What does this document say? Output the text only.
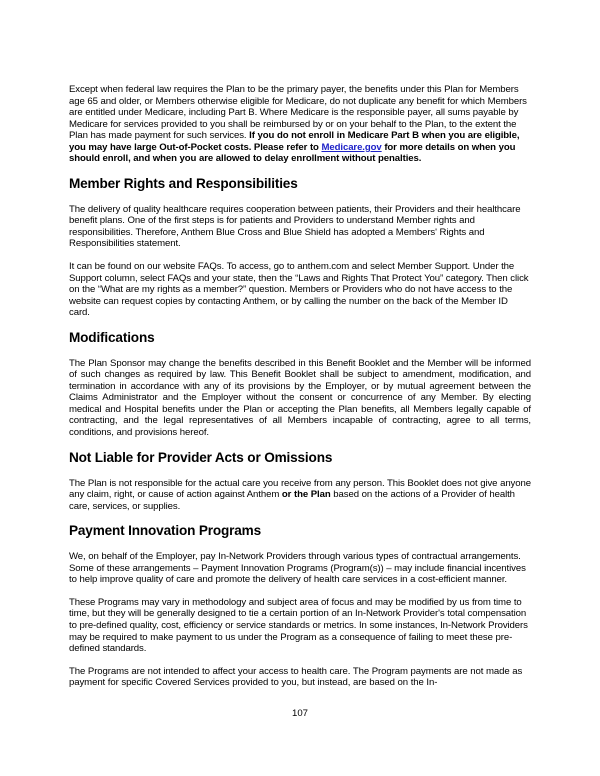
Except when federal law requires the Plan to be the primary payer, the benefits under this Plan for Members age 65 and older, or Members otherwise eligible for Medicare, do not duplicate any benefit for which Members are entitled under Medicare, including Part B. Where Medicare is the responsible payer, all sums payable by Medicare for services provided to you shall be reimbursed by or on your behalf to the Plan, to the extent the Plan has made payment for such services. If you do not enroll in Medicare Part B when you are eligible, you may have large Out-of-Pocket costs. Please refer to Medicare.gov for more details on when you should enroll, and when you are allowed to delay enrollment without penalties.

Member Rights and Responsibilities

The delivery of quality healthcare requires cooperation between patients, their Providers and their healthcare benefit plans. One of the first steps is for patients and Providers to understand Member rights and responsibilities. Therefore, Anthem Blue Cross and Blue Shield has adopted a Members' Rights and Responsibilities statement.

It can be found on our website FAQs. To access, go to anthem.com and select Member Support. Under the Support column, select FAQs and your state, then the “Laws and Rights That Protect You” category. Then click on the “What are my rights as a member?” question. Members or Providers who do not have access to the website can request copies by contacting Anthem, or by calling the number on the back of the Member ID card.

Modifications

The Plan Sponsor may change the benefits described in this Benefit Booklet and the Member will be informed of such changes as required by law. This Benefit Booklet shall be subject to amendment, modification, and termination in accordance with any of its provisions by the Employer, or by mutual agreement between the Claims Administrator and the Employer without the consent or concurrence of any Member. By electing medical and Hospital benefits under the Plan or accepting the Plan benefits, all Members legally capable of contracting, and the legal representatives of all Members incapable of contracting, agree to all terms, conditions, and provisions hereof.

Not Liable for Provider Acts or Omissions

The Plan is not responsible for the actual care you receive from any person. This Booklet does not give anyone any claim, right, or cause of action against Anthem or the Plan based on the actions of a Provider of health care, services, or supplies.

Payment Innovation Programs

We, on behalf of the Employer, pay In-Network Providers through various types of contractual arrangements. Some of these arrangements – Payment Innovation Programs (Program(s)) – may include financial incentives to help improve quality of care and promote the delivery of health care services in a cost-efficient manner.

These Programs may vary in methodology and subject area of focus and may be modified by us from time to time, but they will be generally designed to tie a certain portion of an In-Network Provider's total compensation to pre-defined quality, cost, efficiency or service standards or metrics. In some instances, In-Network Providers may be required to make payment to us under the Program as a consequence of failing to meet these pre-defined standards.

The Programs are not intended to affect your access to health care. The Program payments are not made as payment for specific Covered Services provided to you, but instead, are based on the In-

107
